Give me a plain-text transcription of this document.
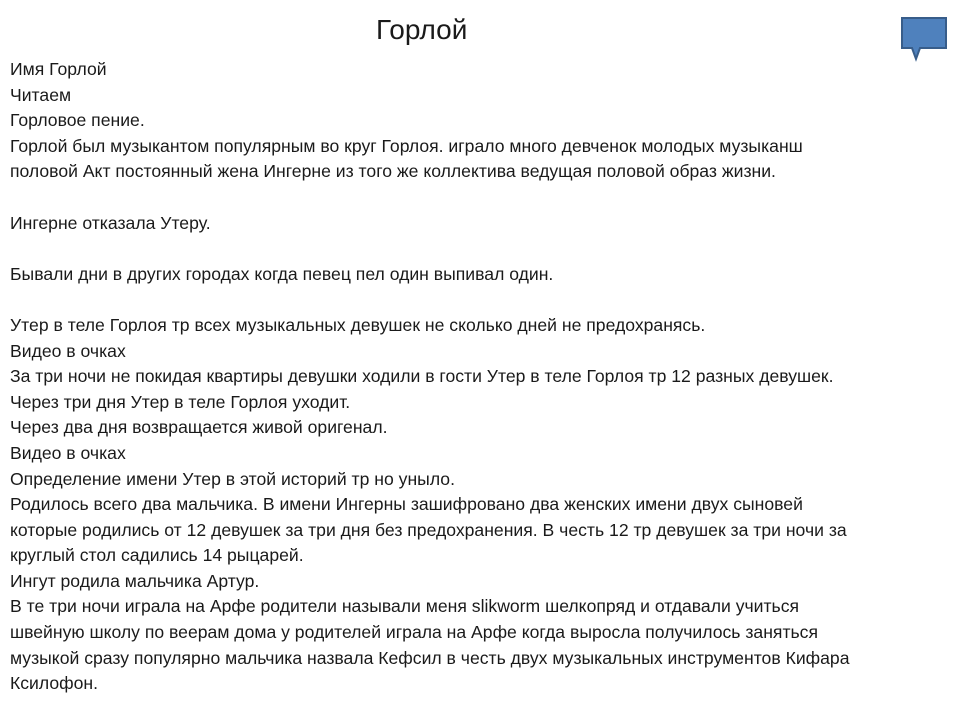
Горлой
Имя Горлой
Читаем
Горловое пение.
Горлой был музыкантом популярным во круг Горлоя. играло много девченок молодых музыканш
половой Акт постоянный жена Ингерне из того же коллектива ведущая половой образ жизни.
Ингерне отказала Утеру.
Бывали дни в других городах когда певец пел один выпивал один.
Утер в теле Горлоя тр всех музыкальных девушек не сколько дней не предохранясь.
Видео в очках
За три ночи не покидая квартиры девушки ходили в гости Утер в теле Горлоя тр 12 разных девушек.
Через три дня Утер в теле Горлоя уходит.
Через два дня возвращается живой оригенал.
Видео в очках
Определение имени Утер в этой историй тр но уныло.
Родилось всего два мальчика. В имени Ингерны зашифровано два женских имени двух сыновей
которые родились от 12 девушек за три дня без предохранения. В честь 12 тр девушек за три ночи за
круглый стол садились 14 рыцарей.
Ингут родила мальчика Артур.
В те три ночи играла на Арфе родители называли меня slikworm шелкопряд и отдавали учиться
швейную школу по веерам дома у родителей играла на Арфе когда выросла получилось заняться
музыкой сразу популярно мальчика назвала Кефсил в честь двух музыкальных инструментов Кифара
Ксилофон.
